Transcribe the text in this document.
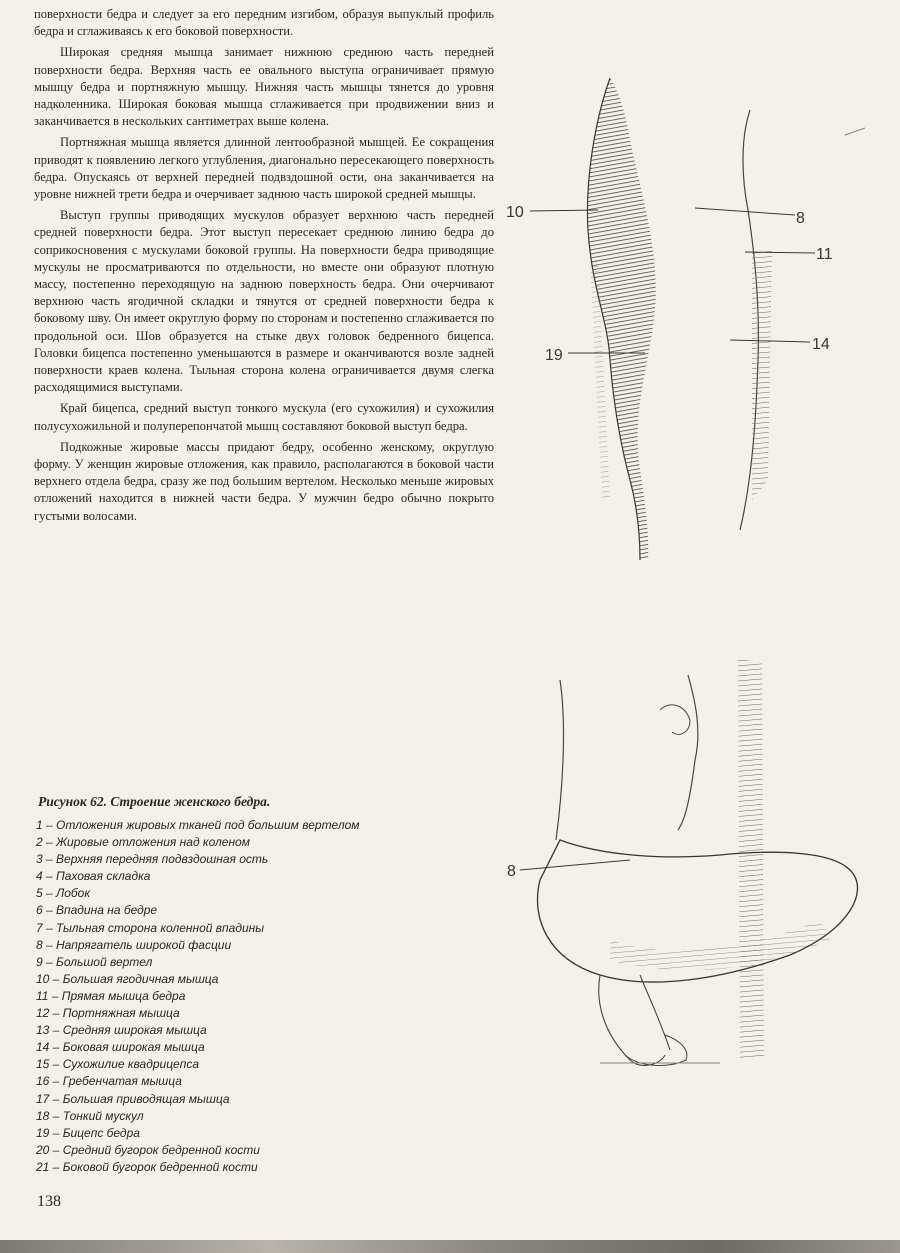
поверхности бедра и следует за его передним изгибом, образуя выпуклый профиль бедра и сглаживаясь к его боковой поверхности.

Широкая средняя мышца занимает нижнюю среднюю часть передней поверхности бедра. Верхняя часть ее овального выступа ограничивает прямую мышцу бедра и портняжную мышцу. Нижняя часть мышцы тянется до уровня надколенника. Широкая боковая мышца сглаживается при продвижении вниз и заканчивается в нескольких сантиметрах выше колена.

Портняжная мышца является длинной лентообразной мышцей. Ее сокращения приводят к появлению легкого углубления, диагонально пересекающего поверхность бедра. Опускаясь от верхней передней подвздошной ости, она заканчивается на уровне нижней трети бедра и очерчивает заднюю часть широкой средней мышцы.

Выступ группы приводящих мускулов образует верхнюю часть передней средней поверхности бедра. Этот выступ пересекает среднюю линию бедра до соприкосновения с мускулами боковой группы. На поверхности бедра приводящие мускулы не просматриваются по отдельности, но вместе они образуют плотную массу, постепенно переходящую на заднюю поверхность бедра. Они очерчивают верхнюю часть ягодичной складки и тянутся от средней поверхности бедра к боковому шву. Он имеет округлую форму по сторонам и постепенно сглаживается по продольной оси. Шов образуется на стыке двух головок бедренного бицепса. Головки бицепса постепенно уменьшаются в размере и оканчиваются возле задней поверхности краев колена. Тыльная сторона колена ограничивается двумя слегка расходящимися выступами.

Край бицепса, средний выступ тонкого мускула (его сухожилия) и сухожилия полусухожильной и полуперепончатой мышц составляют боковой выступ бедра.

Подкожные жировые массы придают бедру, особенно женскому, округлую форму. У женщин жировые отложения, как правило, располагаются в боковой части верхнего отдела бедра, сразу же под большим вертелом. Несколько меньше жировых отложений находится в нижней части бедра. У мужчин бедро обычно покрыто густыми волосами.

10	8
11
19
14
8
Рисунок 62. Строение женского бедра.
1 – Отложения жировых тканей под большим вертелом
2 – Жировые отложения над коленом
3 – Верхняя передняя подвздошная ость
4 – Паховая складка
5 – Лобок
6 – Впадина на бедре
7 – Тыльная сторона коленной впадины
8 – Напрягатель широкой фасции
9 – Большой вертел
10 – Большая ягодичная мышца
11 – Прямая мышца бедра
12 – Портняжная мышца
13 – Средняя широкая мышца
14 – Боковая широкая мышца
15 – Сухожилие квадрицепса
16 – Гребенчатая мышца
17 – Большая приводящая мышца
18 – Тонкий мускул
19 – Бицепс бедра
20 – Средний бугорок бедренной кости
21 – Боковой бугорок бедренной кости
138
